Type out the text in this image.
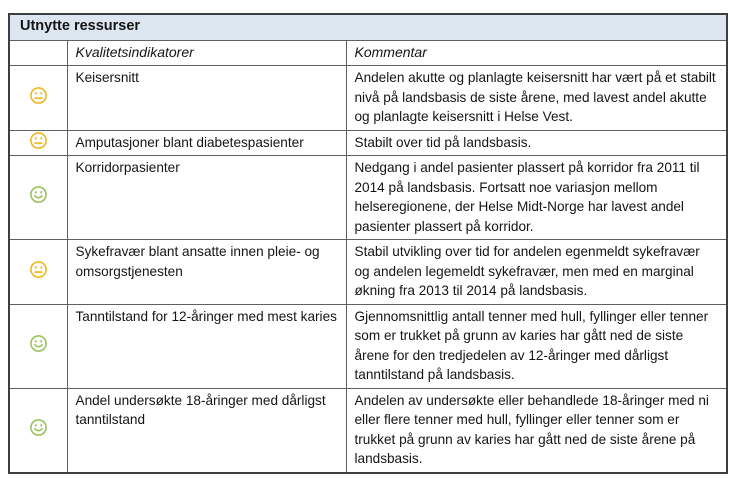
Utnytte ressurser		
	Kvalitetsindikatorer	Kommentar

	Keisersnitt	Andelen akutte og planlagte keisersnitt har vært på et stabilt nivå på landsbasis de siste årene, med lavest andel akutte og planlagte keisersnitt i Helse Vest.

	Amputasjoner blant diabetespasienter	Stabilt over tid på landsbasis.

	Korridorpasienter	Nedgang i andel pasienter plassert på korridor fra 2011 til 2014 på landsbasis. Fortsatt noe variasjon mellom helseregionene, der Helse Midt-Norge har lavest andel pasienter plassert på korridor.

	Sykefravær blant ansatte innen pleie- og omsorgstjenesten	Stabil utvikling over tid for andelen egenmeldt sykefravær og andelen legemeldt sykefravær, men med en marginal økning fra 2013 til 2014 på landsbasis.

	Tanntilstand for 12-åringer med mest karies	Gjennomsnittlig antall tenner med hull, fyllinger eller tenner som er trukket på grunn av karies har gått ned de siste årene for den tredjedelen av 12-åringer med dårligst tanntilstand på landsbasis.

	Andel undersøkte 18-åringer med dårligst tanntilstand	Andelen av undersøkte eller behandlede 18-åringer med ni eller flere tenner med hull, fyllinger eller tenner som er trukket på grunn av karies har gått ned de siste årene på landsbasis.
